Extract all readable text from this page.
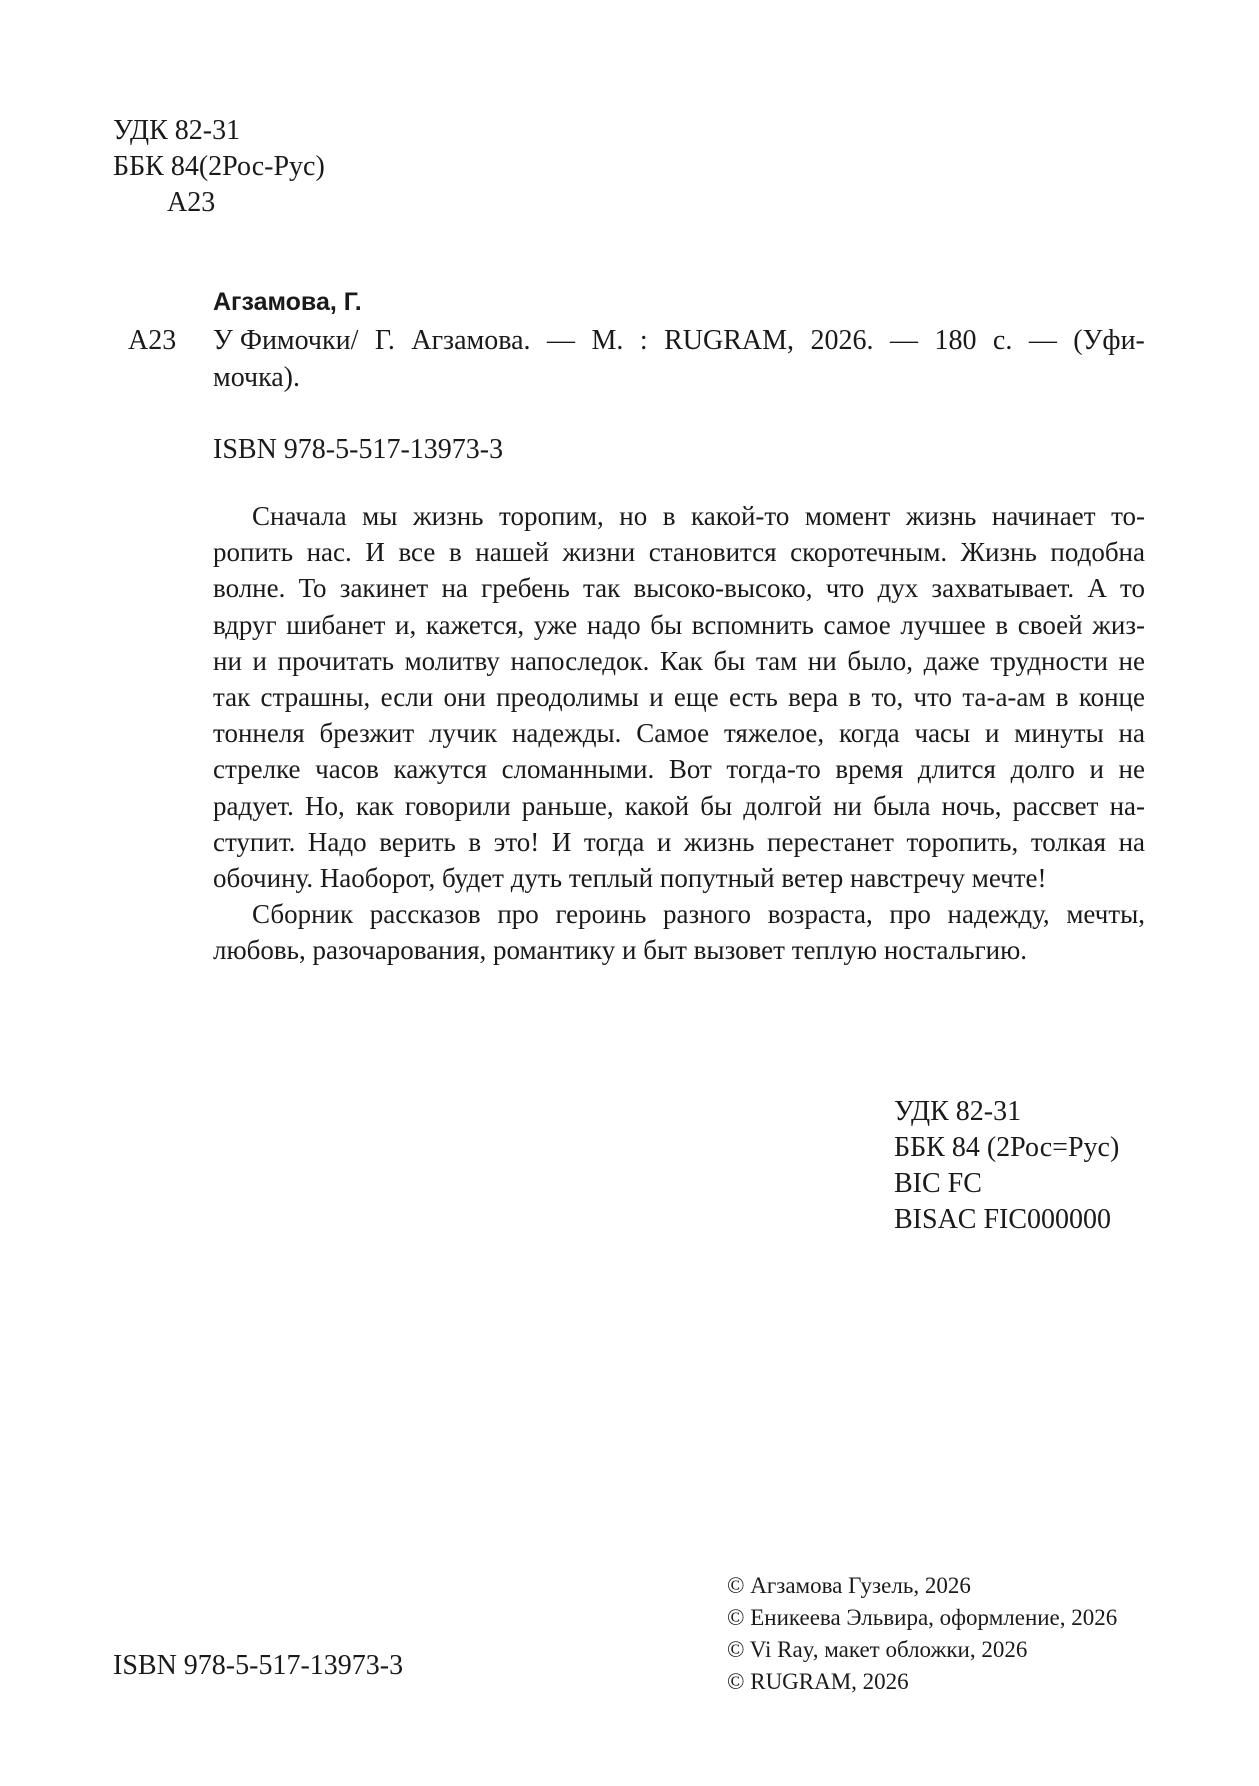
УДК 82-31
ББК 84(2Рос-Рус)
А23
Агзамова, Г.
А23 У Фимочки/ Г. Агзамова. — М. : RUGRAM, 2026. — 180 с. — (Уфи-
мочка).
ISBN 978-5-517-13973-3
Сначала мы жизнь торопим, но в какой-то момент жизнь начинает то-
ропить нас. И все в нашей жизни становится скоротечным. Жизнь подобна
волне. То закинет на гребень так высоко-высоко, что дух захватывает. А то
вдруг шибанет и, кажется, уже надо бы вспомнить самое лучшее в своей жиз-
ни и прочитать молитву напоследок. Как бы там ни было, даже трудности не
так страшны, если они преодолимы и еще есть вера в то, что та-а-ам в конце
тоннеля брезжит лучик надежды. Самое тяжелое, когда часы и минуты на
стрелке часов кажутся сломанными. Вот тогда-то время длится долго и не
радует. Но, как говорили раньше, какой бы долгой ни была ночь, рассвет на-
ступит. Надо верить в это! И тогда и жизнь перестанет торопить, толкая на
обочину. Наоборот, будет дуть теплый попутный ветер навстречу мечте!
Сборник рассказов про героинь разного возраста, про надежду, мечты,
любовь, разочарования, романтику и быт вызовет теплую ностальгию.
УДК 82-31
ББК 84 (2Рос=Рус)
BIC FC
BISAC FIC000000
© Агзамова Гузель, 2026
© Еникеева Эльвира, оформление, 2026
© Vi Ray, макет обложки, 2026
© RUGRAM, 2026
ISBN 978-5-517-13973-3
